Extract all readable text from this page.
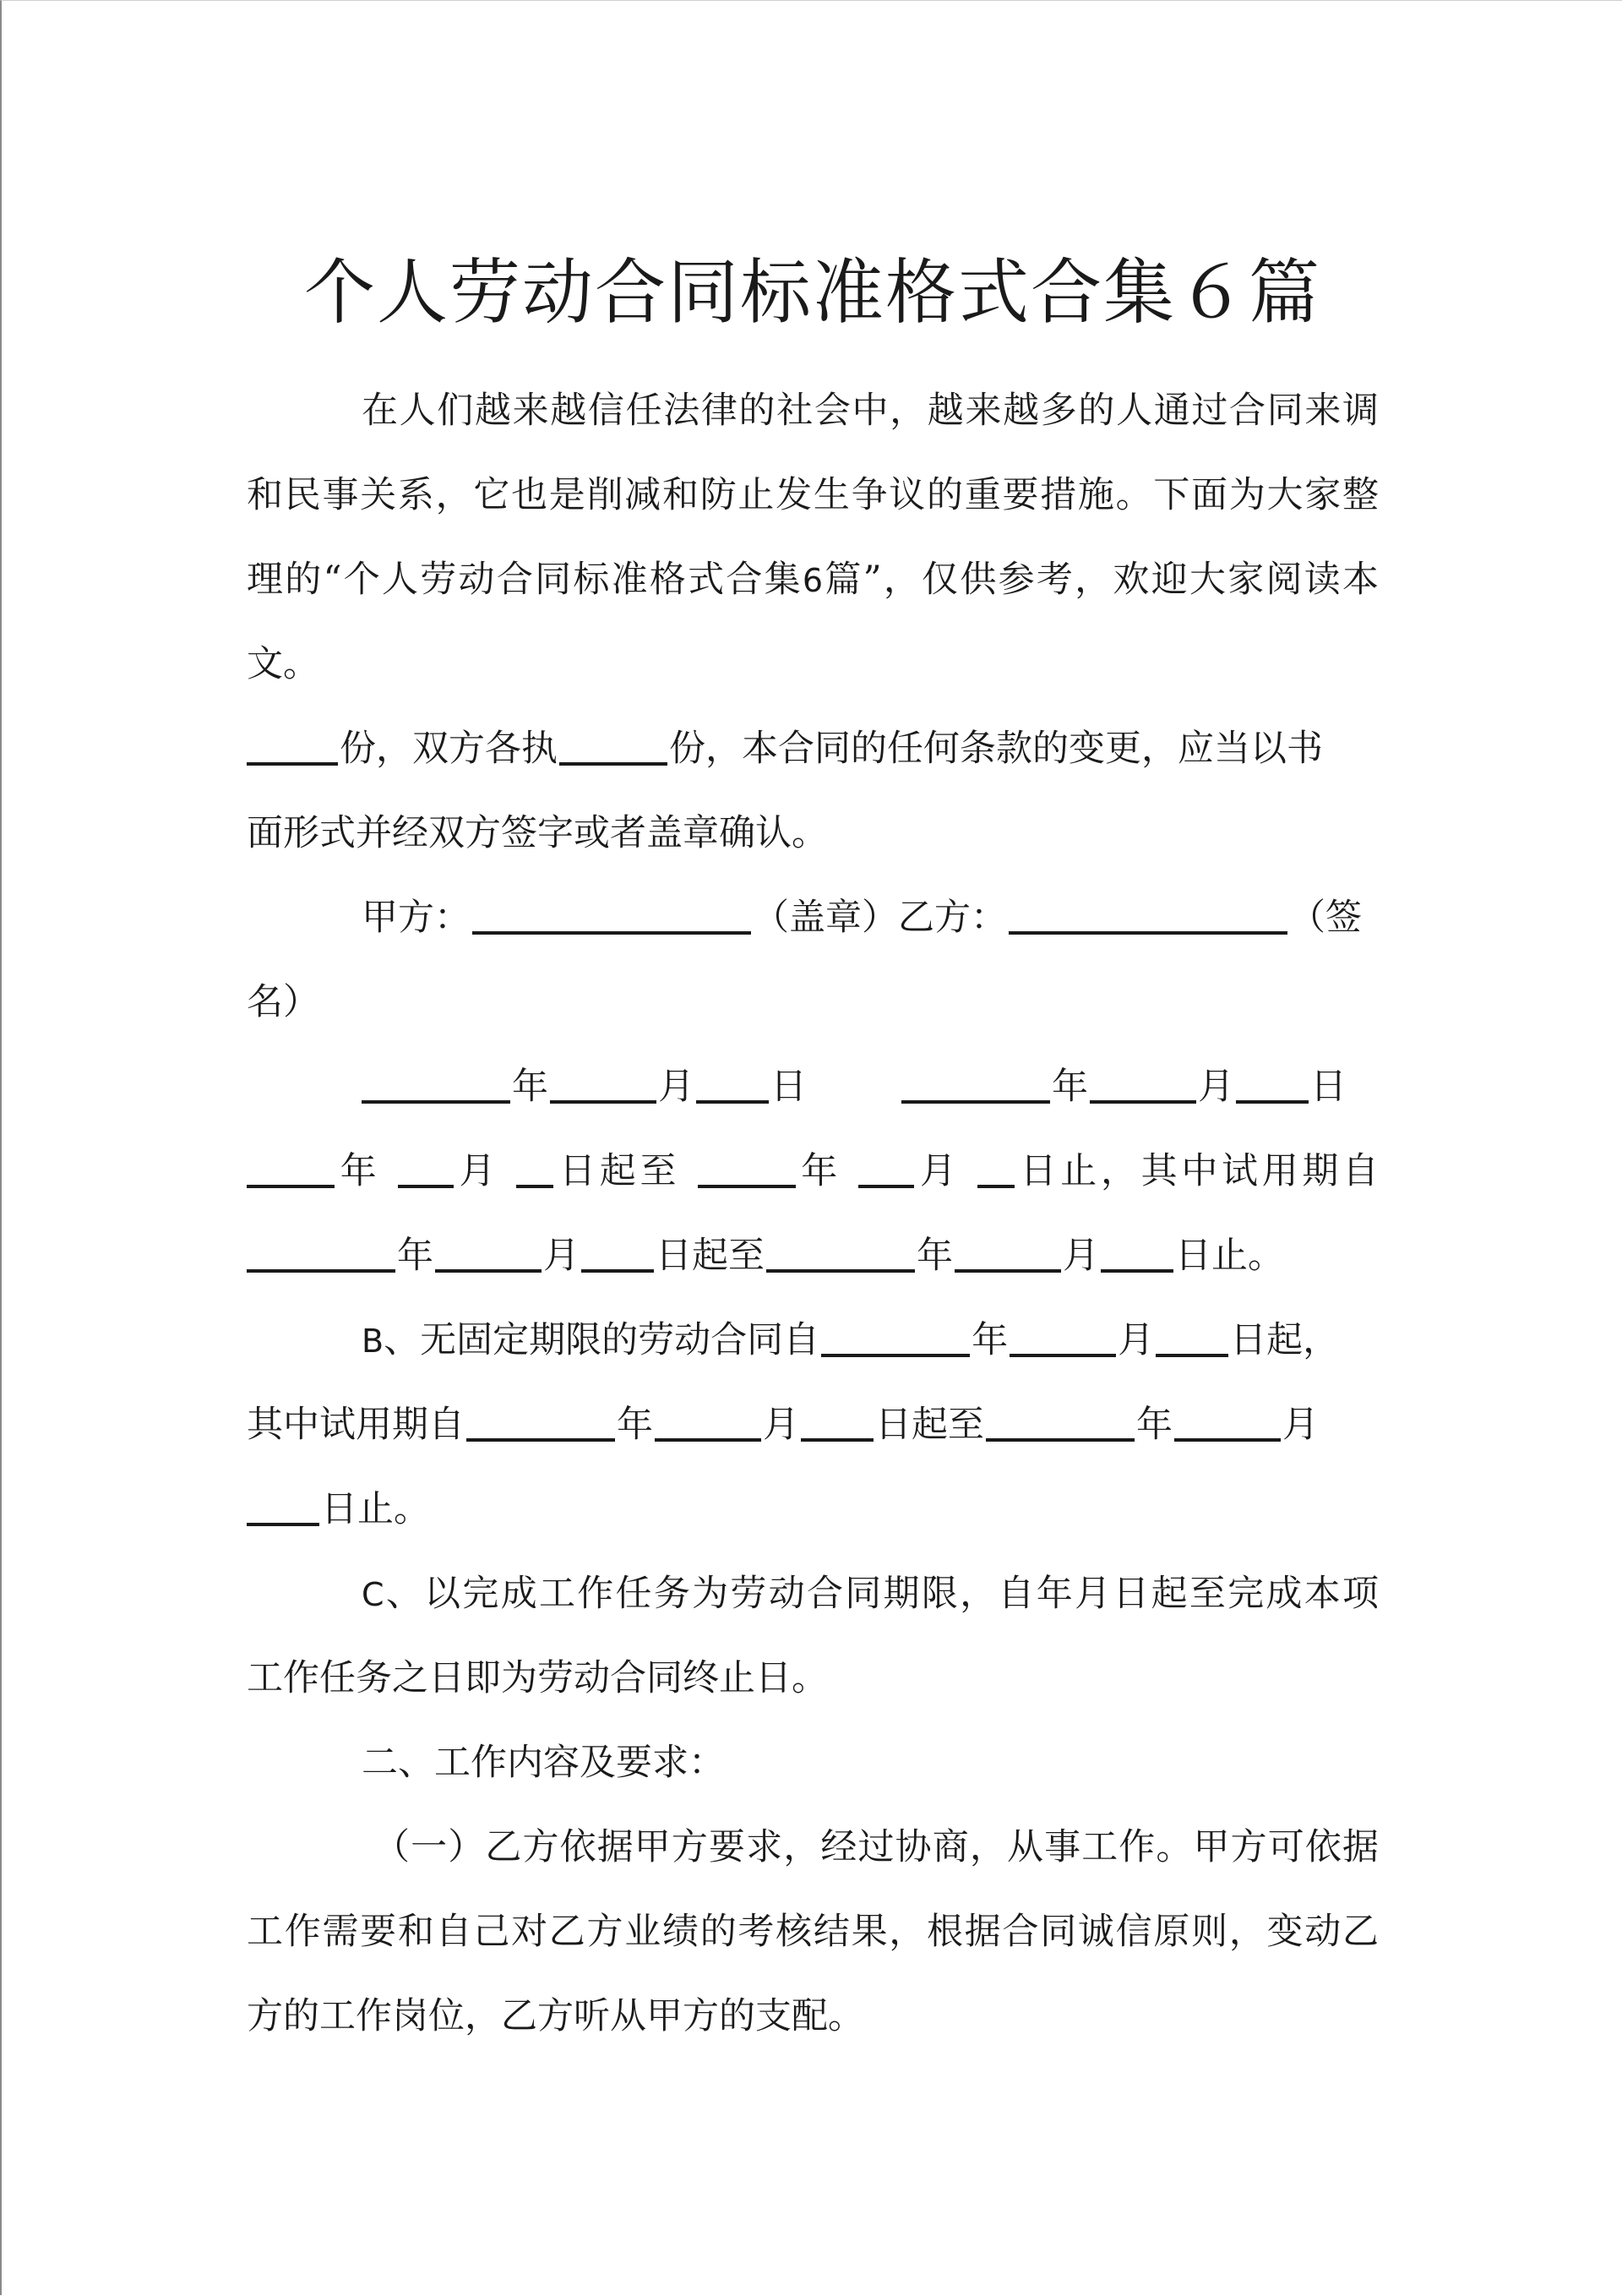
个人劳动合同标准格式合集６篇
在人们越来越信任法律的社会中，越来越多的人通过合同来调
和民事关系，它也是削减和防止发生争议的重要措施。下面为大家整
理的“个人劳动合同标准格式合集6篇”，仅供参考，欢迎大家阅读本
文。
份，双方各执	份，本合同的任何条款的变更，应当以书
面形式并经双方签字或者盖章确认。
甲方：	（盖章）乙方：	（签
名）
年	月 日	年	月 日
年 月 日起至	年 月 日止，其中试用期自
年	月 日起至	年	月 日止。
B、无固定期限的劳动合同自	年	月 日起，
其中试用期自	年	月 日起至	年	月
日止。
C、以完成工作任务为劳动合同期限，自年月日起至完成本项
工作任务之日即为劳动合同终止日。
二、工作内容及要求：
（一）乙方依据甲方要求，经过协商，从事工作。甲方可依据
工作需要和自己对乙方业绩的考核结果，根据合同诚信原则，变动乙
方的工作岗位，乙方听从甲方的支配。
